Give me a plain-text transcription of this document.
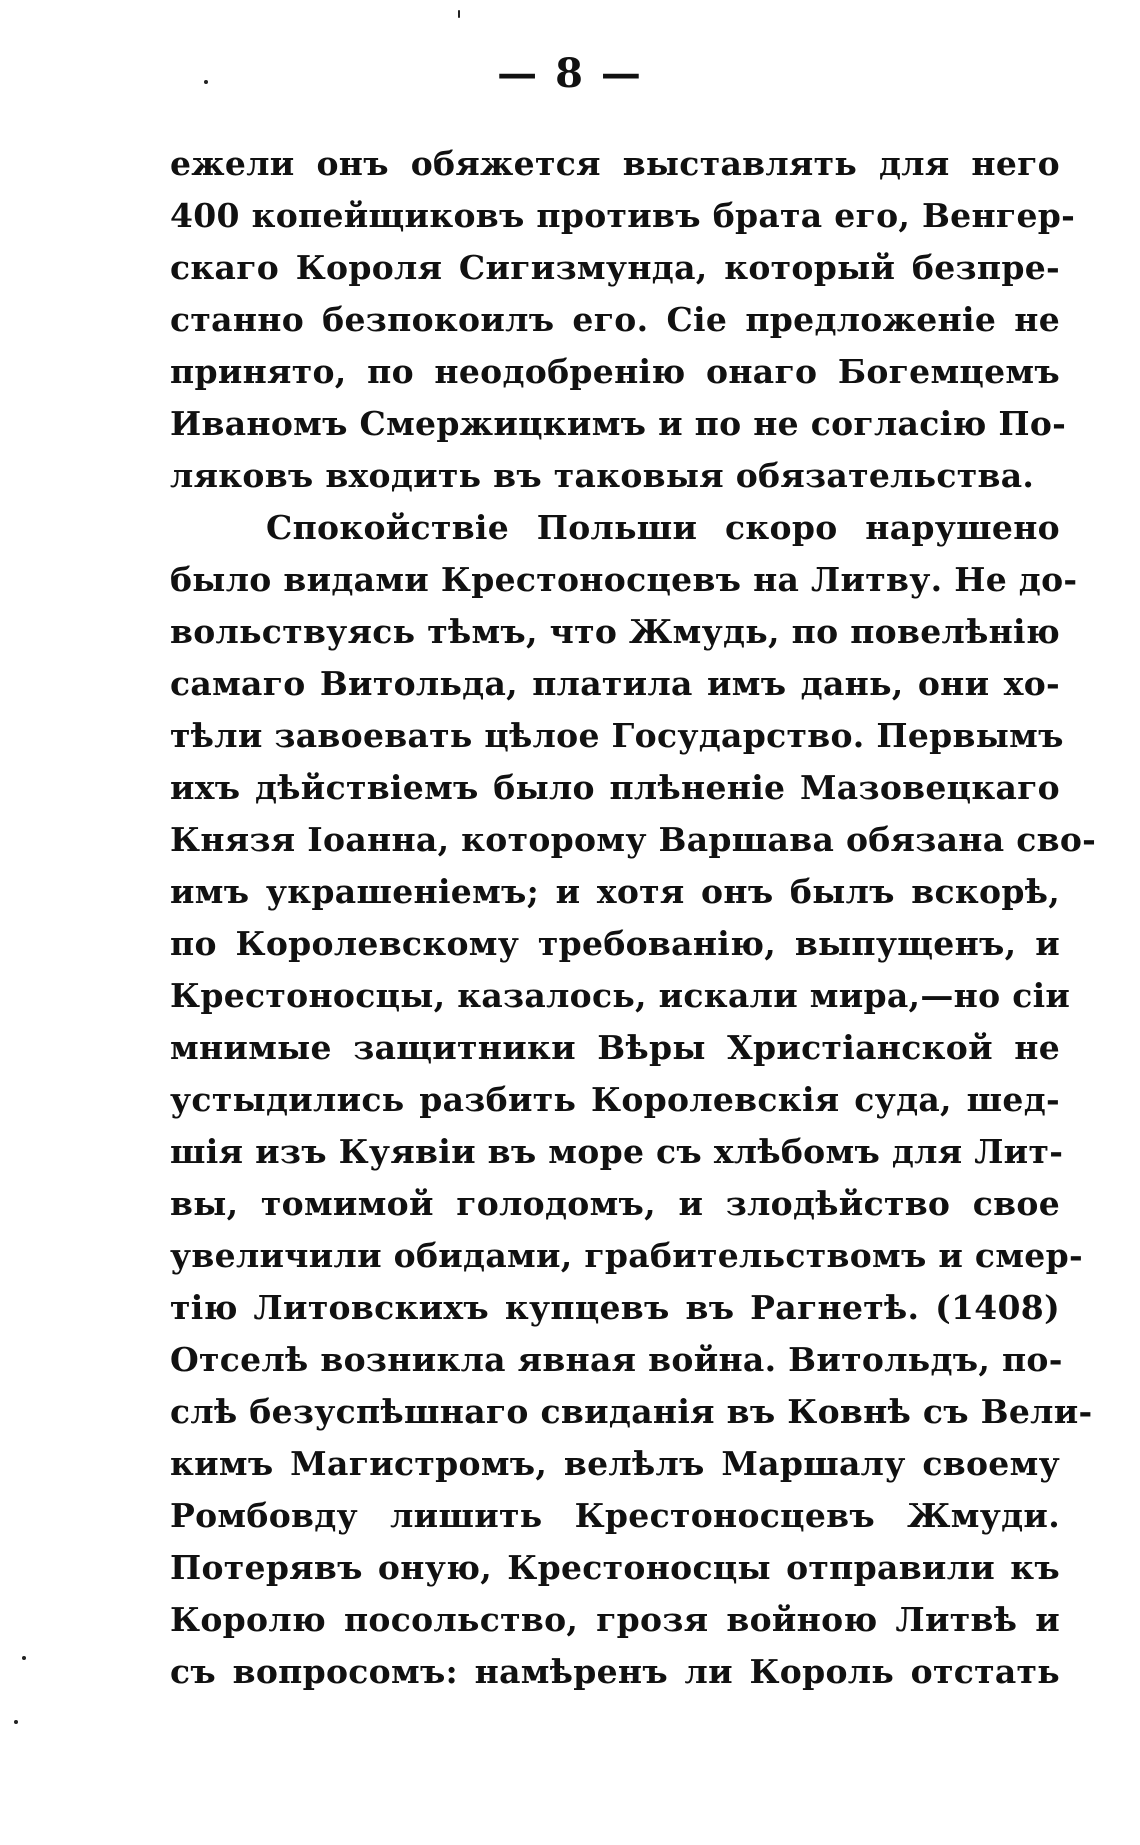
— 8 —
ежели онъ обяжется выставлять для него
400 копейщиковъ противъ брата его, Венгер-
скаго Короля Сигизмунда, который безпре-
станно безпокоилъ его. Сіе предложеніе не
принято, по неодобренію онаго Богемцемъ
Иваномъ Смержицкимъ и по не согласію По-
ляковъ входить въ таковыя обязательства.
Спокойствіе Польши скоро нарушено
было видами Крестоносцевъ на Литву. Не до-
вольствуясь тѣмъ, что Жмудь, по повелѣнію
самаго Витольда, платила имъ дань, они хо-
тѣли завоевать цѣлое Государство. Первымъ
ихъ дѣйствіемъ было плѣненіе Мазовецкаго
Князя Іоанна, которому Варшава обязана сво-
имъ украшеніемъ; и хотя онъ былъ вскорѣ,
по Королевскому требованію, выпущенъ, и
Крестоносцы, казалось, искали мира,—но сіи
мнимые защитники Вѣры Христіанской не
устыдились разбить Королевскія суда, шед-
шія изъ Куявіи въ море съ хлѣбомъ для Лит-
вы, томимой голодомъ, и злодѣйство свое
увеличили обидами, грабительствомъ и смер-
тію Литовскихъ купцевъ въ Рагнетѣ. (1408)
Отселѣ возникла явная война. Витольдъ, по-
слѣ безуспѣшнаго свиданія въ Ковнѣ съ Вели-
кимъ Магистромъ, велѣлъ Маршалу своему
Ромбовду лишить Крестоносцевъ Жмуди.
Потерявъ оную, Крестоносцы отправили къ
Королю посольство, грозя войною Литвѣ и
съ вопросомъ: намѣренъ ли Король отстать
